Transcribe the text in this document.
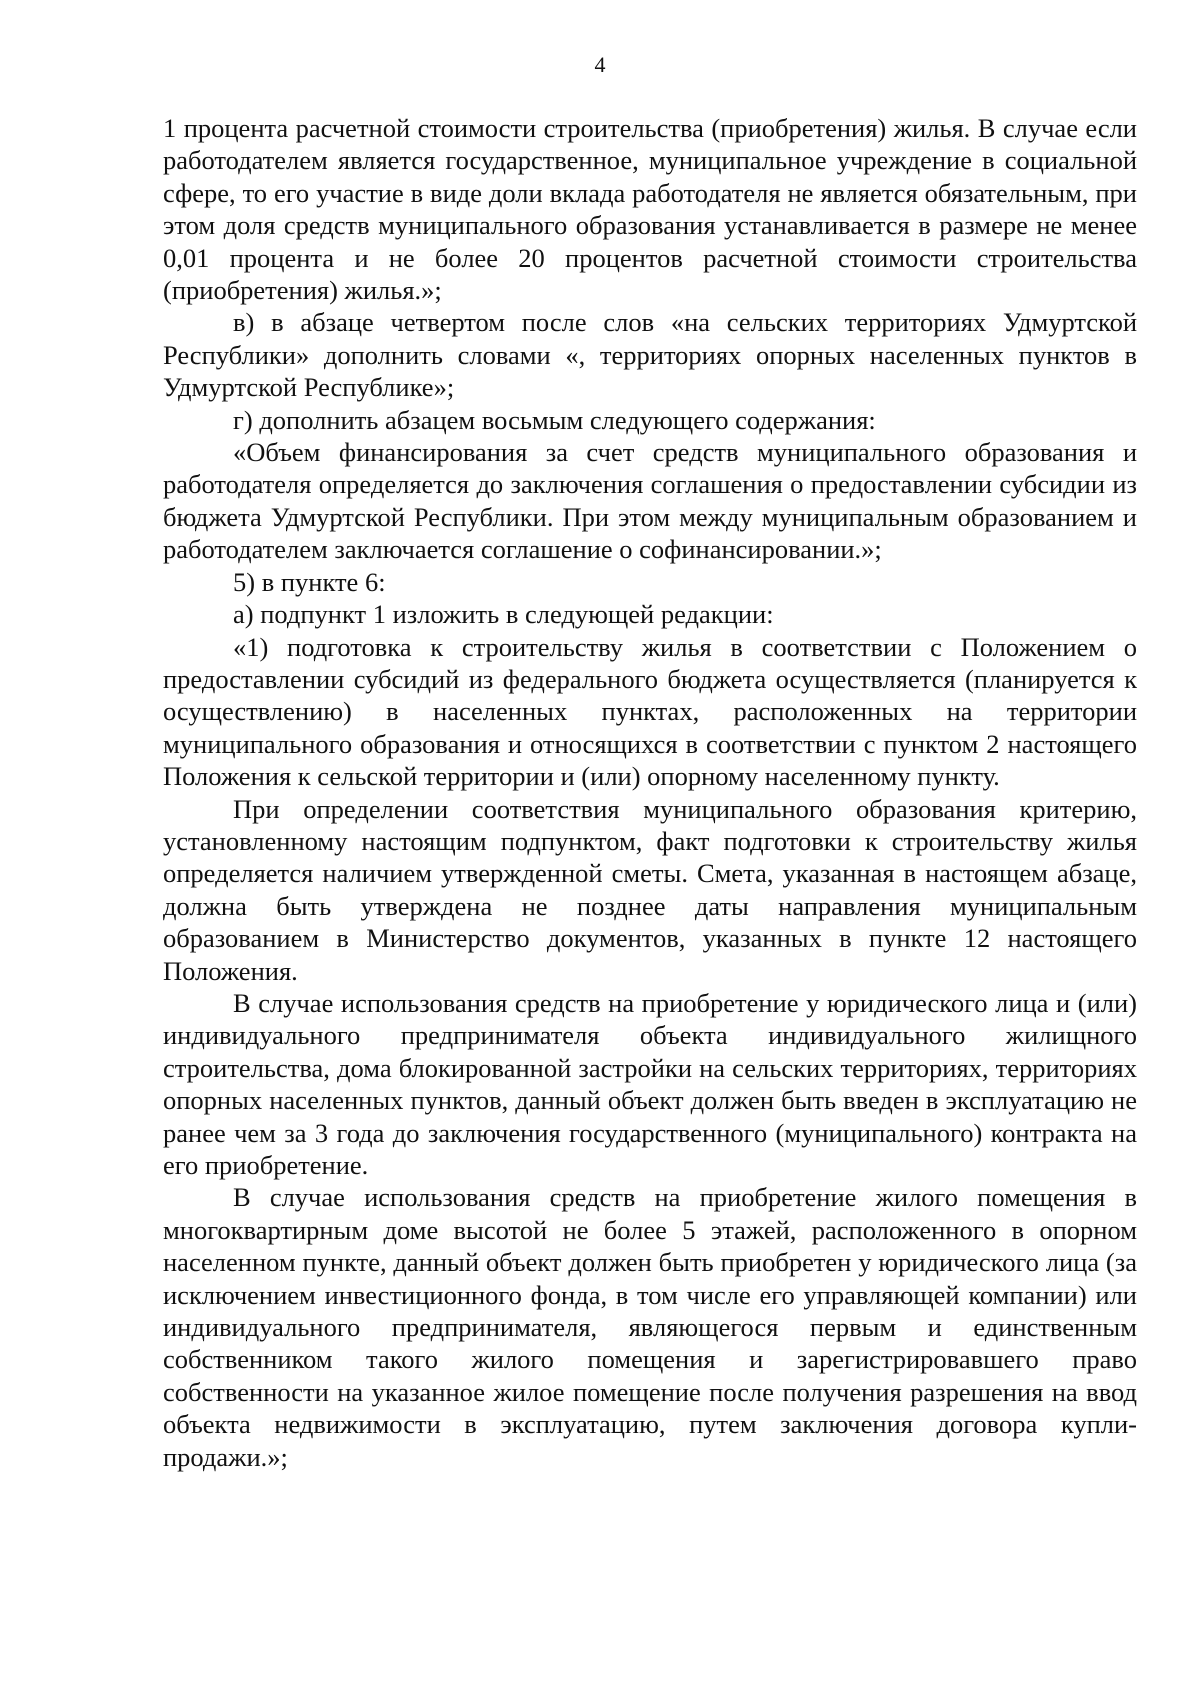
4

1 процента расчетной стоимости строительства (приобретения) жилья. В случае если работодателем является государственное, муниципальное учреждение в социальной сфере, то его участие в виде доли вклада работодателя не является обязательным, при этом доля средств муниципального образования устанавливается в размере не менее 0,01 процента и не более 20 процентов расчетной стоимости строительства (приобретения) жилья.»;

в) в абзаце четвертом после слов «на сельских территориях Удмуртской Республики» дополнить словами «, территориях опорных населенных пунктов в Удмуртской Республике»;

г) дополнить абзацем восьмым следующего содержания:

«Объем финансирования за счет средств муниципального образования и работодателя определяется до заключения соглашения о предоставлении субсидии из бюджета Удмуртской Республики. При этом между муниципальным образованием и работодателем заключается соглашение о софинансировании.»;

5) в пункте 6:

а) подпункт 1 изложить в следующей редакции:

«1) подготовка к строительству жилья в соответствии с Положением о предоставлении субсидий из федерального бюджета осуществляется (планируется к осуществлению) в населенных пунктах, расположенных на территории муниципального образования и относящихся в соответствии с пунктом 2 настоящего Положения к сельской территории и (или) опорному населенному пункту.

При определении соответствия муниципального образования критерию, установленному настоящим подпунктом, факт подготовки к строительству жилья определяется наличием утвержденной сметы. Смета, указанная в настоящем абзаце, должна быть утверждена не позднее даты направления муниципальным образованием в Министерство документов, указанных в пункте 12 настоящего Положения.

В случае использования средств на приобретение у юридического лица и (или) индивидуального предпринимателя объекта индивидуального жилищного строительства, дома блокированной застройки на сельских территориях, территориях опорных населенных пунктов, данный объект должен быть введен в эксплуатацию не ранее чем за 3 года до заключения государственного (муниципального) контракта на его приобретение.

В случае использования средств на приобретение жилого помещения в многоквартирным доме высотой не более 5 этажей, расположенного в опорном населенном пункте, данный объект должен быть приобретен у юридического лица (за исключением инвестиционного фонда, в том числе его управляющей компании) или индивидуального предпринимателя, являющегося первым и единственным собственником такого жилого помещения и зарегистрировавшего право собственности на указанное жилое помещение после получения разрешения на ввод объекта недвижимости в эксплуатацию, путем заключения договора купли-продажи.»;
